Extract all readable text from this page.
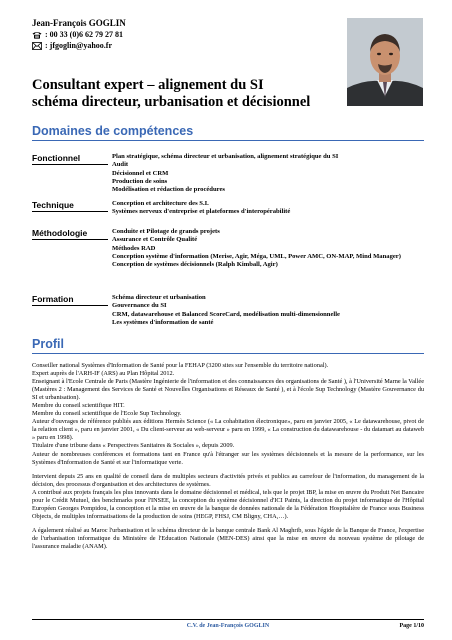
Jean-François GOGLIN
: 00 33 (0)6 62 79 27 81
: jfgoglin@yahoo.fr
Consultant expert – alignement du SI
schéma directeur, urbanisation et décisionnel
Domaines de compétences
Fonctionnel	Plan stratégique, schéma directeur et urbanisation, alignement stratégique du SI
Audit
Décisionnel et CRM
Production de soins
Modélisation et rédaction de procédures
Technique	Conception et architecture des S.I.
Systèmes nerveux d'entreprise et plateformes d'interopérabilité
Méthodologie	Conduite et Pilotage de grands projets
Assurance et Contrôle Qualité
Méthodes RAD
Conception système d'information (Merise, Agir, Méga, UML, Power AMC, ON-MAP, Mind Manager)
Conception de systèmes décisionnels (Ralph Kimball, Agir)
Formation	Schéma directeur et urbanisation
Gouvernance du SI
CRM, datawarehouse et Balanced ScoreCard, modélisation multi-dimensionnelle
Les systèmes d'information de santé
Profil

Conseiller national Systèmes d'Information de Santé pour la FEHAP (3200 sites sur l'ensemble du territoire national).

Expert auprès de l'ARH-IF (ARS) au Plan Hôpital 2012.

Enseignant à l'Ecole Centrale de Paris (Mastère Ingénierie de l'information et des connaissances des organisations de Santé ), à l'Université Marne la Vallée (Mastères 2 : Management des Services de Santé et Nouvelles Organisations et Réseaux de Santé ), et à l'école Sup Technology (Mastère Gouvernance du SI et urbanisation).

Membre du conseil scientifique HIT.

Membre du conseil scientifique de l'Ecole Sup Technology.

Auteur d'ouvrages de référence publiés aux éditions Hermès Science (« La cohabitation électronique», paru en janvier 2005, « Le datawarehouse, pivot de la relation client », paru en janvier 2001, « Du client-serveur au web-serveur » paru en 1999, « La construction du datawarehouse - du datamart au dataweb » paru en 1998).

Titulaire d'une tribune dans « Perspectives Sanitaires & Sociales », depuis 2009.

Auteur de nombreuses conférences et formations tant en France qu'à l'étranger sur les systèmes décisionnels et la mesure de la performance, sur les Systèmes d'Information de Santé et sur l'informatique verte.

Intervient depuis 25 ans en qualité de conseil dans de multiples secteurs d'activités privés et publics au carrefour de l'information, du management de la décision, des processus d'organisation et des architectures de systèmes.

A contribué aux projets français les plus innovants dans le domaine décisionnel et médical, tels que le projet IBP, la mise en œuvre du Produit Net Bancaire pour le Crédit Mutuel, des benchmarks pour l'INSEE, la conception du système décisionnel d'ICI Paints, la direction du projet informatique de l'Hôpital Européen Georges Pompidou, la conception et la mise en œuvre de la banque de données nationale de la Fédération Hospitalière de France sous Business Objects, de multiples informatisations de la production de soins (HEGP, FHSJ, CM Bligny, CHA,…).

A également réalisé au Maroc l'urbanisation et le schéma directeur de la banque centrale Bank Al Maghrib, sous l'égide de la Banque de France, l'expertise de l'urbanisation informatique du Ministère de l'Education Nationale (MEN-DES) ainsi que la mise en œuvre du nouveau système de pilotage de l'assurance maladie (ANAM).

C.V. de Jean-François GOGLIN	Page 1/10
